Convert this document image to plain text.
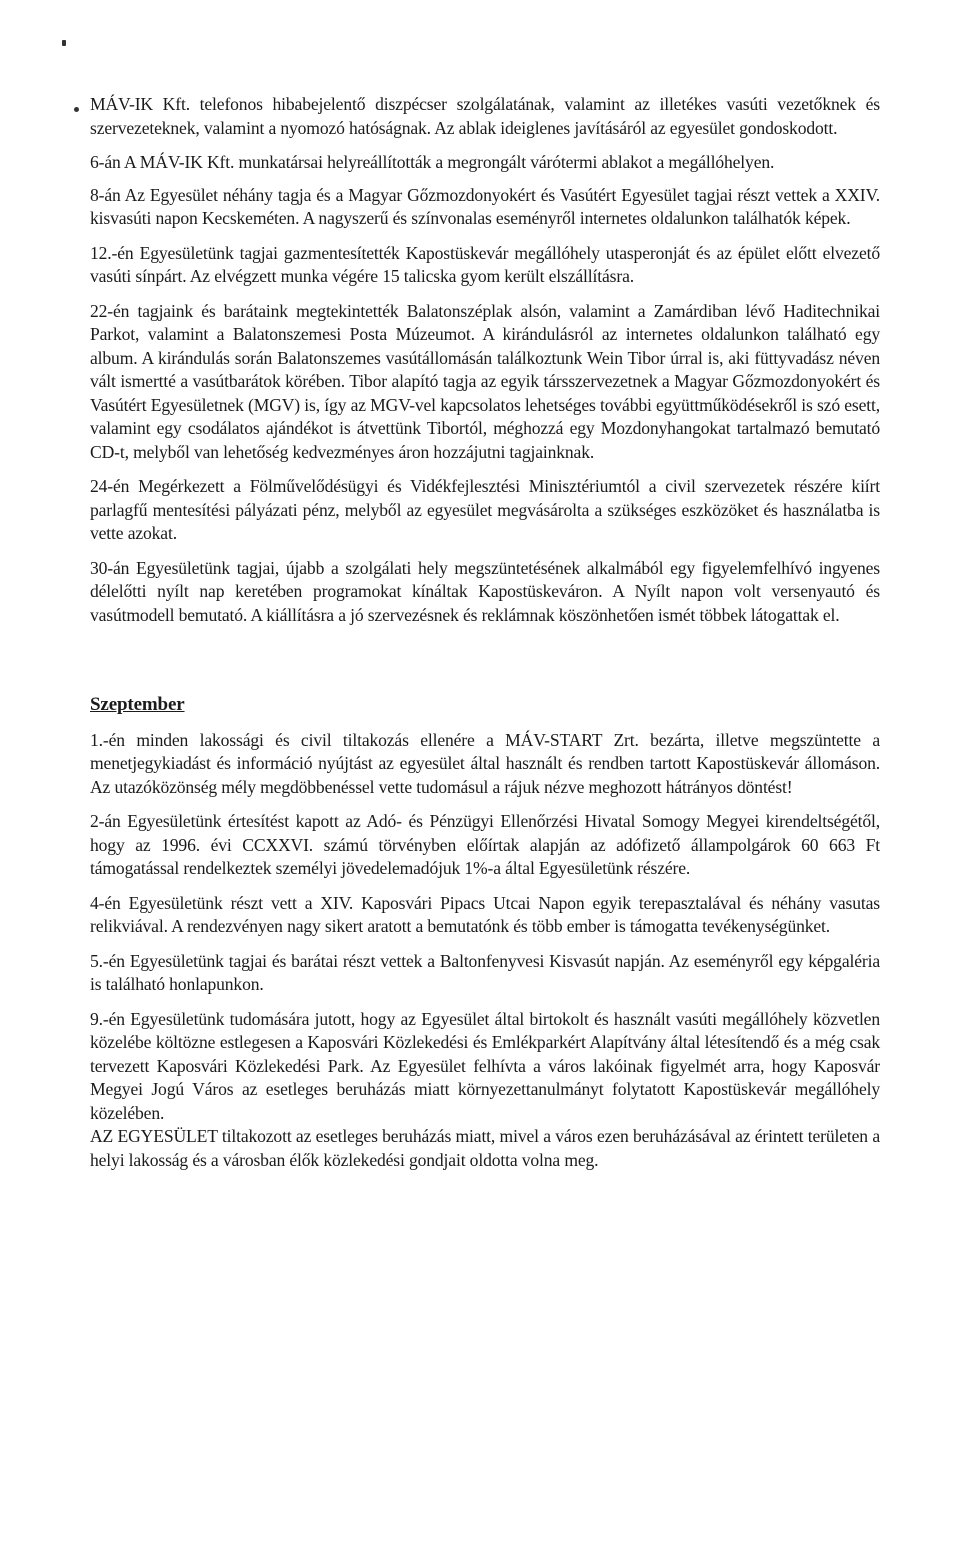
MÁV-IK Kft. telefonos hibabejelentő diszpécser szolgálatának, valamint az illetékes vasúti vezetőknek és szervezeteknek, valamint a nyomozó hatóságnak. Az ablak ideiglenes javításáról az egyesület gondoskodott.

6-án A MÁV-IK Kft. munkatársai helyreállították a megrongált várótermi ablakot a megállóhelyen.

8-án Az Egyesület néhány tagja és a Magyar Gőzmozdonyokért és Vasútért Egyesület tagjai részt vettek a XXIV. kisvasúti napon Kecskeméten. A nagyszerű és színvonalas eseményről internetes oldalunkon találhatók képek.

12.-én Egyesületünk tagjai gazmentesítették Kapostüskevár megállóhely utasperonját és az épület előtt elvezető vasúti sínpárt. Az elvégzett munka végére 15 talicska gyom került elszállításra.

22-én tagjaink és barátaink megtekintették Balatonszéplak alsón, valamint a Zamárdiban lévő Haditechnikai Parkot, valamint a Balatonszemesi Posta Múzeumot. A kirándulásról az internetes oldalunkon található egy album. A kirándulás során Balatonszemes vasútállomásán találkoztunk Wein Tibor úrral is, aki füttyvadász néven vált ismertté a vasútbarátok körében. Tibor alapító tagja az egyik társszervezetnek a Magyar Gőzmozdonyokért és Vasútért Egyesületnek (MGV) is, így az MGV-vel kapcsolatos lehetséges további együttműködésekről is szó esett, valamint egy csodálatos ajándékot is átvettünk Tibortól, méghozzá egy Mozdonyhangokat tartalmazó bemutató CD-t, melyből van lehetőség kedvezményes áron hozzájutni tagjainknak.

24-én Megérkezett a Fölművelődésügyi és Vidékfejlesztési Minisztériumtól a civil szervezetek részére kiírt parlagfű mentesítési pályázati pénz, melyből az egyesület megvásárolta a szükséges eszközöket és használatba is vette azokat.

30-án Egyesületünk tagjai, újabb a szolgálati hely megszüntetésének alkalmából egy figyelemfelhívó ingyenes délelőtti nyílt nap keretében programokat kínáltak Kapostüskeváron. A Nyílt napon volt versenyautó és vasútmodell bemutató. A kiállításra a jó szervezésnek és reklámnak köszönhetően ismét többek látogattak el.

Szeptember

1.-én minden lakossági és civil tiltakozás ellenére a MÁV-START Zrt. bezárta, illetve megszüntette a menetjegykiadást és információ nyújtást az egyesület által használt és rendben tartott Kapostüskevár állomáson. Az utazóközönség mély megdöbbenéssel vette tudomásul a rájuk nézve meghozott hátrányos döntést!

2-án Egyesületünk értesítést kapott az Adó- és Pénzügyi Ellenőrzési Hivatal Somogy Megyei kirendeltségétől, hogy az 1996. évi CCXXVI. számú törvényben előírtak alapján az adófizető állampolgárok 60 663 Ft támogatással rendelkeztek személyi jövedelemadójuk 1%-a által Egyesületünk részére.

4-én Egyesületünk részt vett a XIV. Kaposvári Pipacs Utcai Napon egyik terepasztalával és néhány vasutas relikviával. A rendezvényen nagy sikert aratott a bemutatónk és több ember is támogatta tevékenységünket.

5.-én Egyesületünk tagjai és barátai részt vettek a Baltonfenyvesi Kisvasút napján. Az eseményről egy képgaléria is található honlapunkon.

9.-én Egyesületünk tudomására jutott, hogy az Egyesület által birtokolt és használt vasúti megállóhely közvetlen közelébe költözne estlegesen a Kaposvári Közlekedési és Emlékparkért Alapítvány által létesítendő és a még csak tervezett Kaposvári Közlekedési Park. Az Egyesület felhívta a város lakóinak figyelmét arra, hogy Kaposvár Megyei Jogú Város az esetleges beruházás miatt környezettanulmányt folytatott Kapostüskevár megállóhely közelében.

AZ EGYESÜLET tiltakozott az esetleges beruházás miatt, mivel a város ezen beruházásával az érintett területen a helyi lakosság és a városban élők közlekedési gondjait oldotta volna meg.
